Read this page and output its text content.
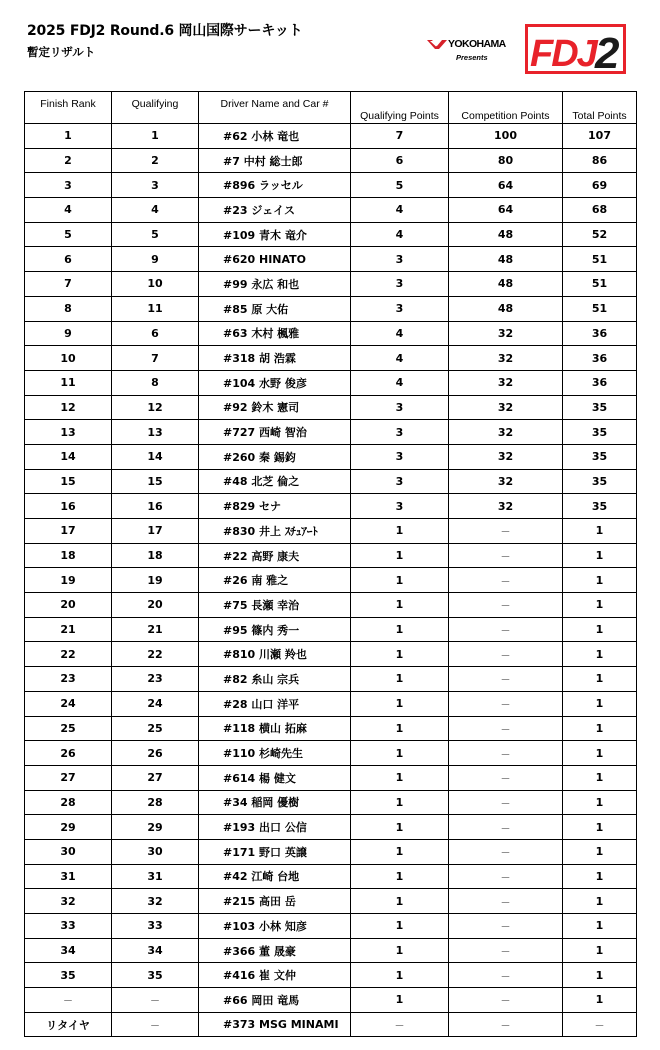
2025 FDJ2 Round.6 岡山国際サーキット
暫定リザルト
YOKOHAMA
Presents FDJ 2
Finish Rank	Qualifying	Driver Name and Car #	Qualifying Points	Competition Points	Total Points
1	1	#62 小林 竜也	7	100	107
2	2	#7 中村 総士郎	6	80	86
3	3	#896 ラッセル	5	64	69
4	4	#23 ジェイス	4	64	68
5	5	#109 青木 竜介	4	48	52
6	9	#620 HINATO	3	48	51
7	10	#99 永広 和也	3	48	51
8	11	#85 原 大佑	3	48	51
9	6	#63 木村 楓雅	4	32	36
10	7	#318 胡 浩霖	4	32	36
11	8	#104 水野 俊彦	4	32	36
12	12	#92 鈴木 憲司	3	32	35
13	13	#727 西崎 智治	3	32	35
14	14	#260 秦 錫鈞	3	32	35
15	15	#48 北芝 倫之	3	32	35
16	16	#829 セナ	3	32	35
17	17	#830 井上 ｽﾁｭｱｰﾄ	1	－	1
18	18	#22 高野 康夫	1	－	1
19	19	#26 南 雅之	1	－	1
20	20	#75 長瀬 幸治	1	－	1
21	21	#95 篠内 秀一	1	－	1
22	22	#810 川瀬 羚也	1	－	1
23	23	#82 糸山 宗兵	1	－	1
24	24	#28 山口 洋平	1	－	1
25	25	#118 横山 拓麻	1	－	1
26	26	#110 杉崎先生	1	－	1
27	27	#614 楊 健文	1	－	1
28	28	#34 稲岡 優樹	1	－	1
29	29	#193 出口 公信	1	－	1
30	30	#171 野口 英譲	1	－	1
31	31	#42 江崎 台地	1	－	1
32	32	#215 高田 岳	1	－	1
33	33	#103 小林 知彦	1	－	1
34	34	#366 董 晟豪	1	－	1
35	35	#416 崔 文仲	1	－	1
－	－	#66 岡田 竜馬	1	－	1
リタイヤ	－	#373 MSG MINAMI	－	－	－
